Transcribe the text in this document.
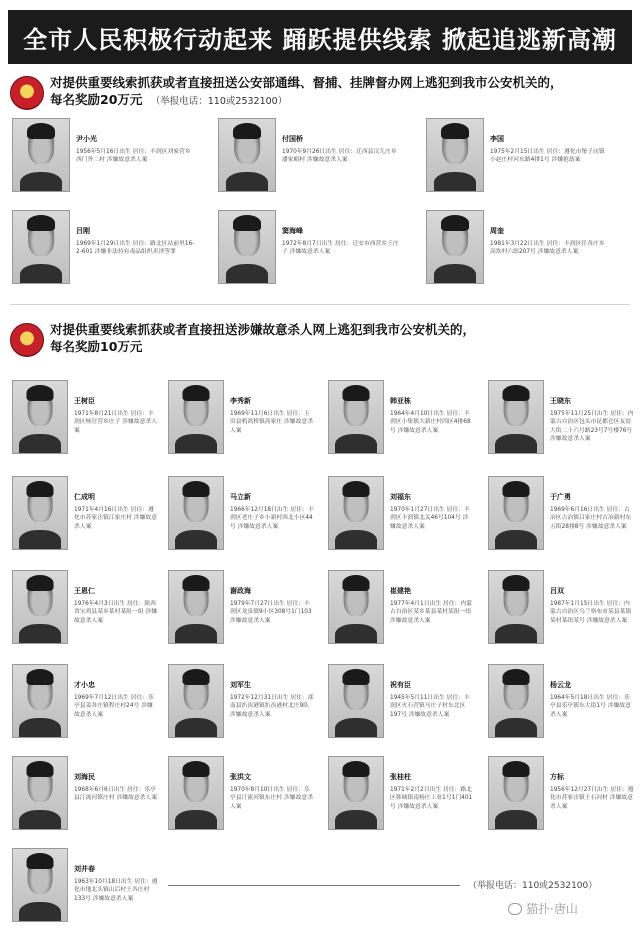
全市人民积极行动起来 踊跃提供线索 掀起追逃新高潮
★
对提供重要线索抓获或者直接扭送公安部通缉、督捕、挂牌督办网上逃犯到我市公安机关的，
每名奖励20万元 （举报电话：110或2532100）
尹小光
1956年5月16日出生 居住：丰润区刘家营乡西门外二村 涉嫌故意杀人案
付国桥
1970年9月26日出生 居住：迁西县汉儿庄乡潘家峪村 涉嫌故意杀人案
李国
1975年2月15日出生 居住：遵化市堡子店镇小赵庄村河东路4排1号 涉嫌抢劫案
吕刚
1969年1月29日出生 居住：路北区站前里16-2-601 涉嫌非法持有毒品组织卖淫等罪
窦海峰
1972年8月7日出生 居住：迁安市西营乡王庄子 涉嫌故意杀人案
周奎
1981年3月22日出生 居住：丰润区任各庄乡高坎村六组207号 涉嫌故意杀人案
★
对提供重要线索抓获或者直接扭送涉嫌故意杀人网上逃犯到我市公安机关的，
每名奖励10万元
王树臣
1971年8月21日出生 居住：丰润区杨官营乡庄子 涉嫌故意杀人案
李秀新
1969年11月6日出生 居住：玉田县鸦鸿桥镇高家庄 涉嫌故意杀人案
韩亚栋
1964年4月10日出生 居住：丰润区小集镇大新庄村四区4排68号 涉嫌故意杀人案
王晓东
1975年11月25日出生 居住：内蒙古自治区包头市昆都仑区友谊大街二十六号路23号7号楼76号 涉嫌故意杀人案
仁成明
1971年4月16日出生 居住：遵化市苏家洼镇江家庄村 涉嫌故意杀人案
马立新
1966年12月18日出生 居住：丰润区老庄子乡小新村西北小区44号 涉嫌故意杀人案
刘福东
1970年1月27日出生 居住：丰润区丰润镇北关46号104号 涉嫌故意杀人案
于广勇
1969年6月16日出生 居住：古冶区古冶镇吕家庄村古冶新村东五街28排8号 涉嫌故意杀人案
王恩仁
1976年4月3日出生 居住：陕西省宝鸡县某乡某村某组一组 涉嫌故意杀人案
谢政海
1979年7月27日出生 居住：丰润区龙泉镇9小区308号1门103 涉嫌故意杀人案
崔建艳
1977年4月1日出生 居住：内蒙古自治区某乡某县某村某组一组 涉嫌故意杀人案
吕双
1987年1月15日出生 居住：内蒙古自治区乌兰察布市某县某镇某村某组某号 涉嫌故意杀人案
才小忠
1969年7月12日出生 居住：乐亭县姜各庄镇程庄村24号 涉嫌故意杀人案
刘军生
1972年12月31日出生 居住：滦南县扒齿港镇扒齿港村北庄9队 涉嫌故意杀人案
祝有臣
1945年5月11日出生 居住：丰润区火石营镇马庄子村东北区197号 涉嫌故意杀人案
杨云龙
1964年5月18日出生 居住：乐亭县乐亭镇东大街1号 涉嫌故意杀人案
刘海民
1968年6月6日出生 居住：乐亭县汀流河镇庄村 涉嫌故意杀人案
张洪文
1970年8月10日出生 居住：乐亭县汀流河镇东庄村 涉嫌故意杀人案
张桂柱
1971年2月2日出生 居住：路北区韩城镇南杨庄工业1号1门401号 涉嫌故意杀人案
方标
1956年12月27日出生 居住：遵化市苏家洼镇王石河村 涉嫌故意杀人案
刘井春
1963年10月18日出生 居住：遵化市地北头镇山后村王各庄村133号 涉嫌故意杀人案
（举报电话：110或2532100）
猫扑·唐山
